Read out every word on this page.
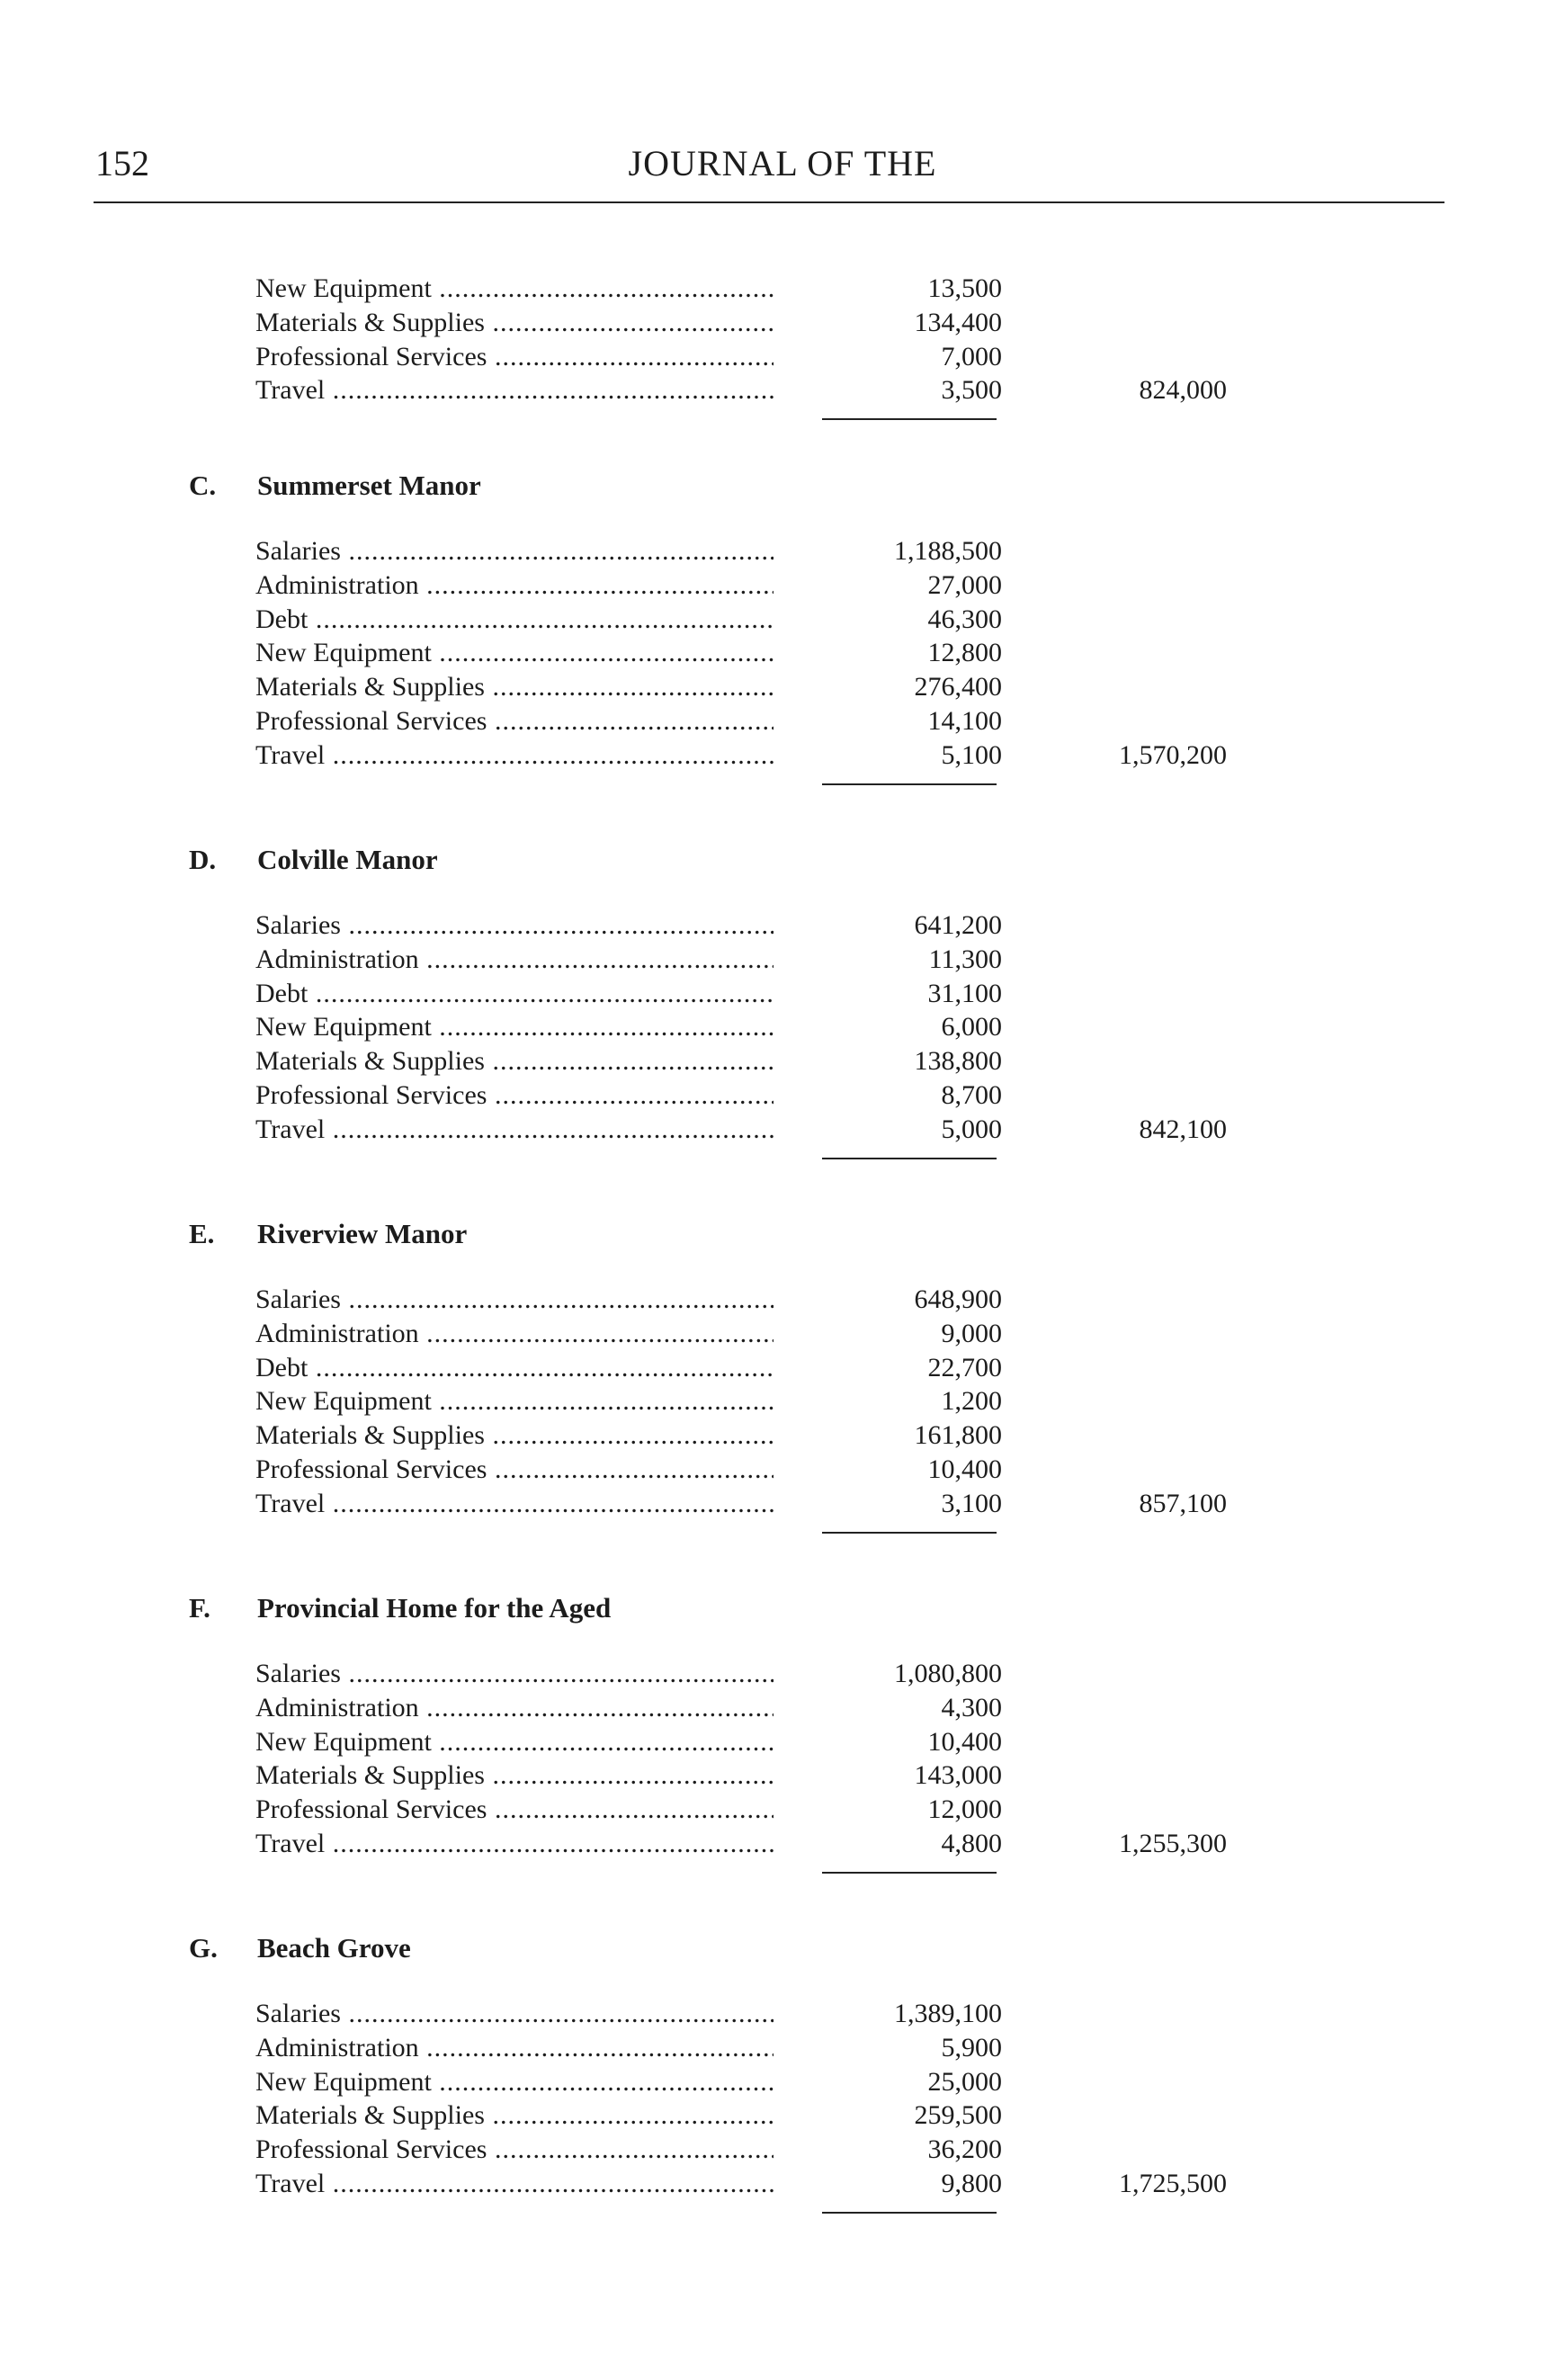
152	JOURNAL OF THE
New Equipment .....	13,500
Materials & Supplies .....	134,400
Professional Services .....	7,000
Travel .....	3,500	824,000
C. Summerset Manor
Salaries .....	1,188,500
Administration .....	27,000
Debt .....	46,300
New Equipment .....	12,800
Materials & Supplies .....	276,400
Professional Services .....	14,100
Travel .....	5,100	1,570,200
D. Colville Manor
Salaries .....	641,200
Administration .....	11,300
Debt .....	31,100
New Equipment .....	6,000
Materials & Supplies .....	138,800
Professional Services .....	8,700
Travel .....	5,000	842,100
E. Riverview Manor
Salaries .....	648,900
Administration .....	9,000
Debt .....	22,700
New Equipment .....	1,200
Materials & Supplies .....	161,800
Professional Services .....	10,400
Travel .....	3,100	857,100
F. Provincial Home for the Aged
Salaries .....	1,080,800
Administration .....	4,300
New Equipment .....	10,400
Materials & Supplies .....	143,000
Professional Services .....	12,000
Travel .....	4,800	1,255,300
G. Beach Grove
Salaries .....	1,389,100
Administration .....	5,900
New Equipment .....	25,000
Materials & Supplies .....	259,500
Professional Services .....	36,200
Travel .....	9,800	1,725,500
